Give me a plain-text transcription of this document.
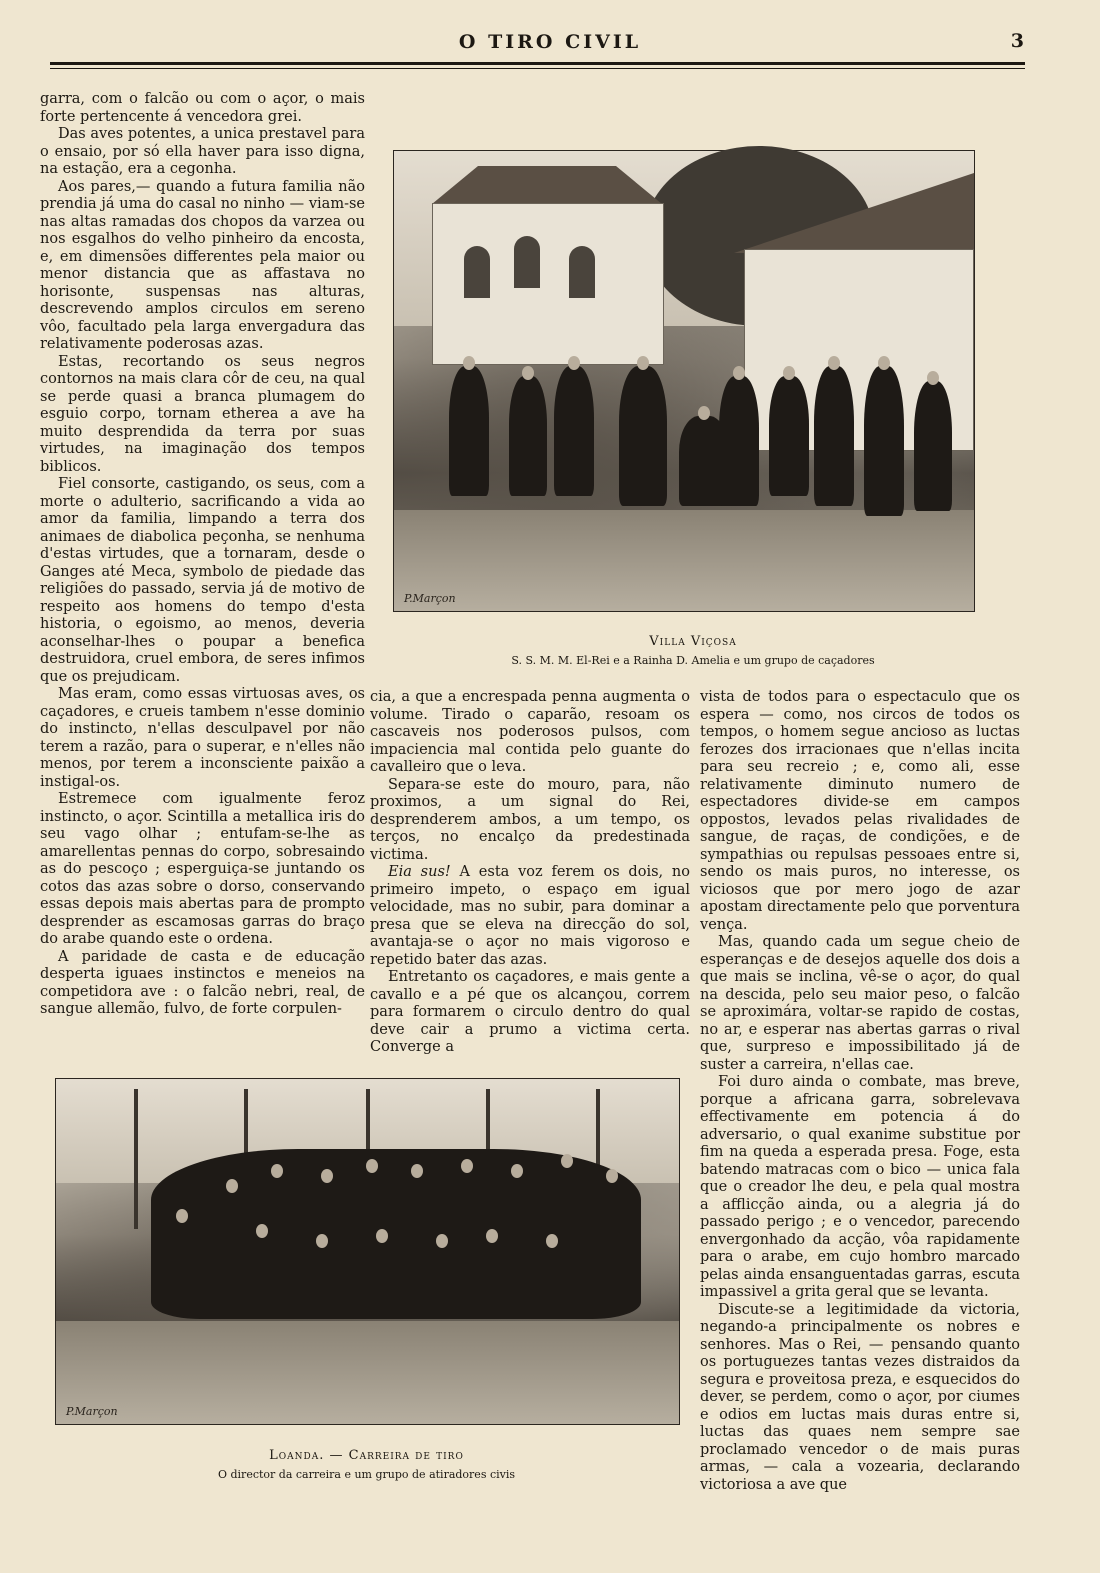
O TIRO CIVIL	3

garra, com o falcão ou com o açor, o mais forte pertencente á vencedora grei.

Das aves potentes, a unica prestavel para o ensaio, por só ella haver para isso digna, na estação, era a cegonha.

Aos pares,— quando a futura familia não prendia já uma do casal no ninho — viam-se nas altas ramadas dos chopos da varzea ou nos esgalhos do velho pinheiro da encosta, e, em dimensões differentes pela maior ou menor distancia que as affastava no horisonte, suspensas nas alturas, descrevendo amplos circulos em sereno vôo, facultado pela larga envergadura das relativamente poderosas azas.

Estas, recortando os seus negros contornos na mais clara côr de ceu, na qual se perde quasi a branca plumagem do esguio corpo, tornam etherea a ave ha muito desprendida da terra por suas virtudes, na imaginação dos tempos biblicos.

Fiel consorte, castigando, os seus, com a morte o adulterio, sacrificando a vida ao amor da familia, limpando a terra dos animaes de diabolica peçonha, se nenhuma d'estas virtudes, que a tornaram, desde o Ganges até Meca, symbolo de piedade das religiões do passado, servia já de motivo de respeito aos homens do tempo d'esta historia, o egoismo, ao menos, deveria aconselhar-lhes o poupar a benefica destruidora, cruel embora, de seres infimos que os prejudicam.

Mas eram, como essas virtuosas aves, os caçadores, e crueis tambem n'esse dominio do instincto, n'ellas desculpavel por não terem a razão, para o superar, e n'elles não menos, por terem a inconsciente paixão a instigal-os.

Estremece com igualmente feroz instincto, o açor. Scintilla a metallica iris do seu vago olhar ; entufam-se-lhe as amarellentas pennas do corpo, sobresaindo as do pescoço ; esperguiça-se juntando os cotos das azas sobre o dorso, conservando essas depois mais abertas para de prompto desprender as escamosas garras do braço do arabe quando este o ordena.

A paridade de casta e de educação desperta iguaes instinctos e meneios na competidora ave : o falcão nebri, real, de sangue allemão, fulvo, de forte corpulen-

P.Marçon
Villa Viçosa
S. S. M. M. El-Rei e a Rainha D. Amelia e um grupo de caçadores

cia, a que a encrespada penna augmenta o volume. Tirado o caparão, resoam os cascaveis nos poderosos pulsos, com impaciencia mal contida pelo guante do cavalleiro que o leva.

Separa-se este do mouro, para, não proximos, a um signal do Rei, desprenderem ambos, a um tempo, os terços, no encalço da predestinada victima.

Eia sus! A esta voz ferem os dois, no primeiro impeto, o espaço em igual velocidade, mas no subir, para dominar a presa que se eleva na direcção do sol, avantaja-se o açor no mais vigoroso e repetido bater das azas.

Entretanto os caçadores, e mais gente a cavallo e a pé que os alcançou, correm para formarem o circulo dentro do qual deve cair a prumo a victima certa. Converge a

vista de todos para o espectaculo que os espera — como, nos circos de todos os tempos, o homem segue ancioso as luctas ferozes dos irracionaes que n'ellas incita para seu recreio ; e, como ali, esse relativamente diminuto numero de espectadores divide-se em campos oppostos, levados pelas rivalidades de sangue, de raças, de condições, e de sympathias ou repulsas pessoaes entre si, sendo os mais puros, no interesse, os viciosos que por mero jogo de azar apostam directamente pelo que porventura vença.

Mas, quando cada um segue cheio de esperanças e de desejos aquelle dos dois a que mais se inclina, vê-se o açor, do qual na descida, pelo seu maior peso, o falcão se aproximára, voltar-se rapido de costas, no ar, e esperar nas abertas garras o rival que, surpreso e impossibilitado já de suster a carreira, n'ellas cae.

Foi duro ainda o combate, mas breve, porque a africana garra, sobrelevava effectivamente em potencia á do adversario, o qual exanime substitue por fim na queda a esperada presa. Foge, esta batendo matracas com o bico — unica fala que o creador lhe deu, e pela qual mostra a afflicção ainda, ou a alegria já do passado perigo ; e o vencedor, parecendo envergonhado da acção, vôa rapidamente para o arabe, em cujo hombro marcado pelas ainda ensanguentadas garras, escuta impassivel a grita geral que se levanta.

Discute-se a legitimidade da victoria, negando-a principalmente os nobres e senhores. Mas o Rei, — pensando quanto os portuguezes tantas vezes distraidos da segura e proveitosa preza, e esquecidos do dever, se perdem, como o açor, por ciumes e odios em luctas mais duras entre si, luctas das quaes nem sempre sae proclamado vencedor o de mais puras armas, — cala a vozearia, declarando victoriosa a ave que

P.Marçon
Loanda. — Carreira de tiro
O director da carreira e um grupo de atiradores civis
